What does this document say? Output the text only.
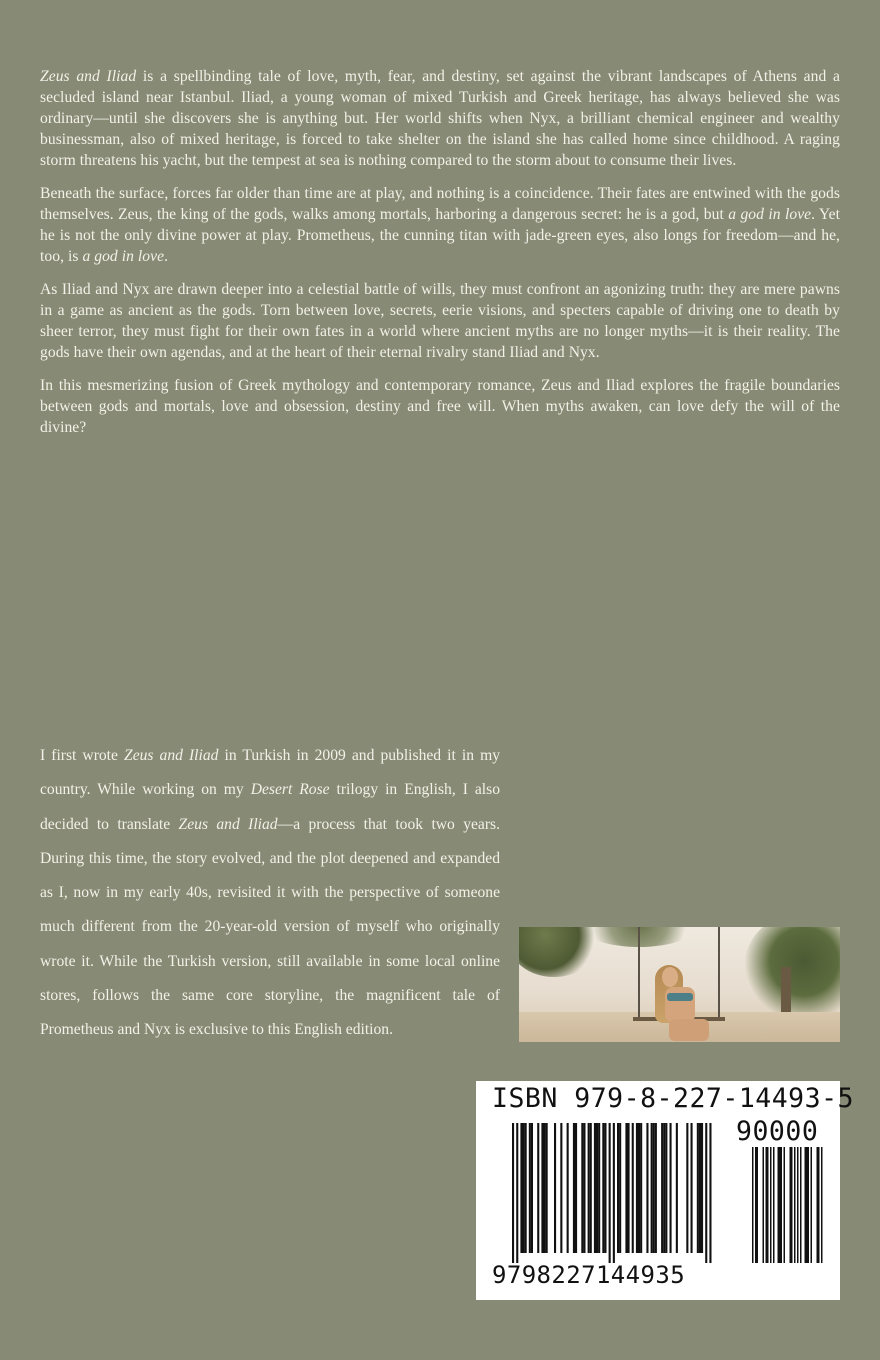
Zeus and Iliad is a spellbinding tale of love, myth, fear, and destiny, set against the vibrant landscapes of Athens and a secluded island near Istanbul. Iliad, a young woman of mixed Turkish and Greek heritage, has always believed she was ordinary—until she discovers she is anything but. Her world shifts when Nyx, a brilliant chemical engineer and wealthy businessman, also of mixed heritage, is forced to take shelter on the island she has called home since childhood. A raging storm threatens his yacht, but the tempest at sea is nothing compared to the storm about to consume their lives.

Beneath the surface, forces far older than time are at play, and nothing is a coincidence. Their fates are entwined with the gods themselves. Zeus, the king of the gods, walks among mortals, harboring a dangerous secret: he is a god, but a god in love. Yet he is not the only divine power at play. Prometheus, the cunning titan with jade-green eyes, also longs for freedom—and he, too, is a god in love.

As Iliad and Nyx are drawn deeper into a celestial battle of wills, they must confront an agonizing truth: they are mere pawns in a game as ancient as the gods. Torn between love, secrets, eerie visions, and specters capable of driving one to death by sheer terror, they must fight for their own fates in a world where ancient myths are no longer myths—it is their reality. The gods have their own agendas, and at the heart of their eternal rivalry stand Iliad and Nyx.

In this mesmerizing fusion of Greek mythology and contemporary romance, Zeus and Iliad explores the fragile boundaries between gods and mortals, love and obsession, destiny and free will. When myths awaken, can love defy the will of the divine?

I first wrote Zeus and Iliad in Turkish in 2009 and published it in my country. While working on my Desert Rose trilogy in English, I also decided to translate Zeus and Iliad—a process that took two years. During this time, the story evolved, and the plot deepened and expanded as I, now in my early 40s, revisited it with the perspective of someone much different from the 20-year-old version of myself who originally wrote it. While the Turkish version, still available in some local online stores, follows the same core storyline, the magnificent tale of Prometheus and Nyx is exclusive to this English edition.

ISBN 979-8-227-14493-5
90000
9798227144935
